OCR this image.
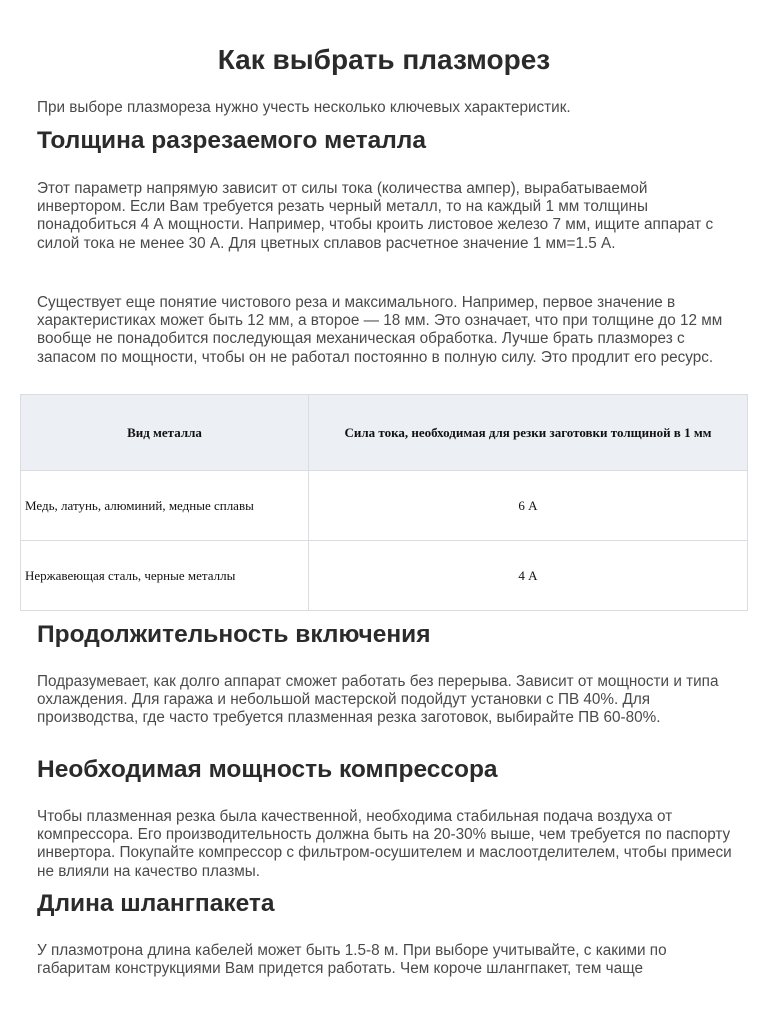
Как выбрать плазморез

При выборе плазмореза нужно учесть несколько ключевых характеристик.

Толщина разрезаемого металла

Этот параметр напрямую зависит от силы тока (количества ампер), вырабатываемой инвертором. Если Вам требуется резать черный металл, то на каждый 1 мм толщины понадобиться 4 А мощности. Например, чтобы кроить листовое железо 7 мм, ищите аппарат с силой тока не менее 30 А. Для цветных сплавов расчетное значение 1 мм=1.5 А.

Существует еще понятие чистового реза и максимального. Например, первое значение в характеристиках может быть 12 мм, а второе — 18 мм. Это означает, что при толщине до 12 мм вообще не понадобится последующая механическая обработка. Лучше брать плазморез с запасом по мощности, чтобы он не работал постоянно в полную силу. Это продлит его ресурс.

Вид металла	Сила тока, необходимая для резки заготовки толщиной в 1 мм
Медь, латунь, алюминий, медные сплавы	6 А
Нержавеющая сталь, черные металлы	4 А
Продолжительность включения

Подразумевает, как долго аппарат сможет работать без перерыва. Зависит от мощности и типа охлаждения. Для гаража и небольшой мастерской подойдут установки с ПВ 40%. Для производства, где часто требуется плазменная резка заготовок, выбирайте ПВ 60-80%.

Необходимая мощность компрессора

Чтобы плазменная резка была качественной, необходима стабильная подача воздуха от компрессора. Его производительность должна быть на 20-30% выше, чем требуется по паспорту инвертора. Покупайте компрессор с фильтром-осушителем и маслоотделителем, чтобы примеси не влияли на качество плазмы.

Длина шлангпакета

У плазмотрона длина кабелей может быть 1.5-8 м. При выборе учитывайте, с какими по габаритам конструкциями Вам придется работать. Чем короче шлангпакет, тем чаще
